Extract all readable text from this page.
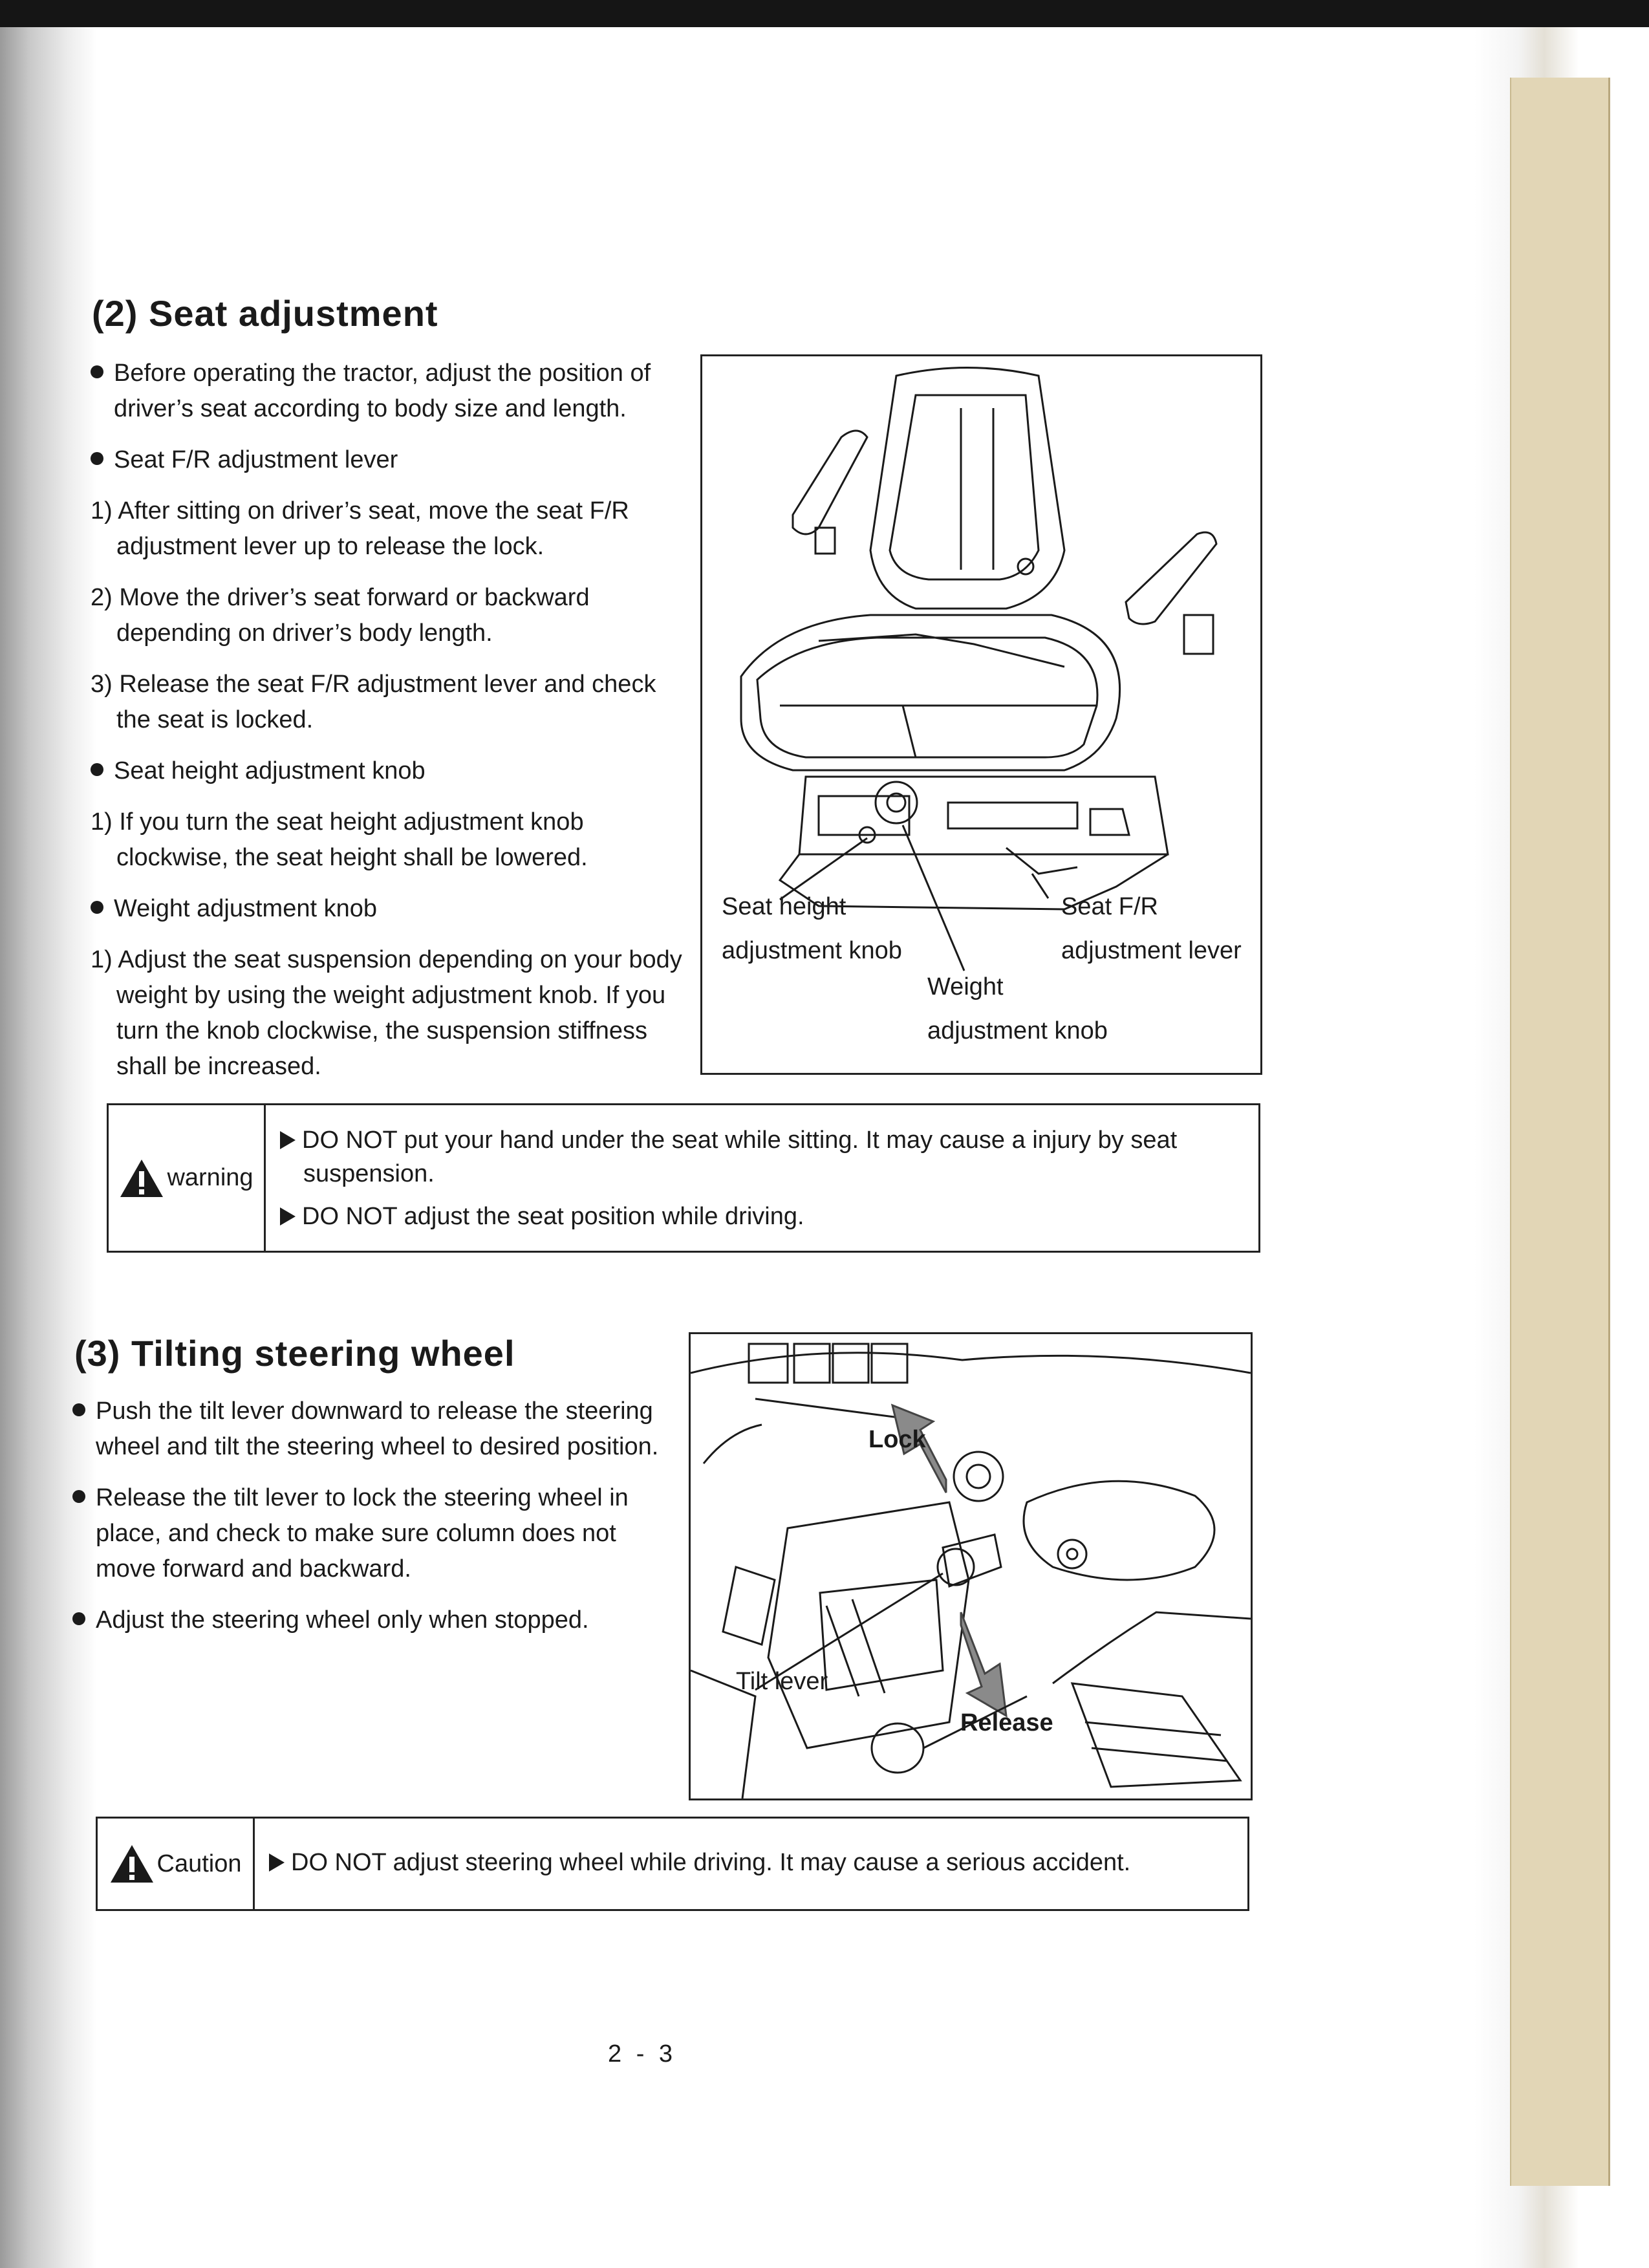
(2) Seat adjustment

Before operating the tractor, adjust the position of driver’s seat according to body size and length.

Seat F/R adjustment lever

1) After sitting on driver’s seat, move the seat F/R adjustment lever up to release the lock.

2) Move the driver’s seat forward or backward depending on driver’s body length.

3) Release the seat F/R adjustment lever and check the seat is locked.

Seat height adjustment knob

1) If you turn the seat height adjustment knob clockwise, the seat height shall be lowered.

Weight adjustment knob

1) Adjust the seat suspension depending on your body weight by using the weight adjustment knob. If you turn the knob clockwise, the suspension stiffness shall be increased.

Seat height
adjustment knob
Seat F/R
adjustment lever
Weight
adjustment knob
warning

DO NOT put your hand under the seat while sitting. It may cause a injury by seat suspension.

DO NOT adjust the seat position while driving.

(3) Tilting steering wheel

Push the tilt lever downward to release the steering wheel and tilt the steering wheel to desired position.

Release the tilt lever to lock the steering wheel in place, and check to make sure column does not move forward and backward.

Adjust the steering wheel only when stopped.

Lock
Tilt lever
Release
Caution	DO NOT adjust steering wheel while driving. It may cause a serious accident.

2 - 3
